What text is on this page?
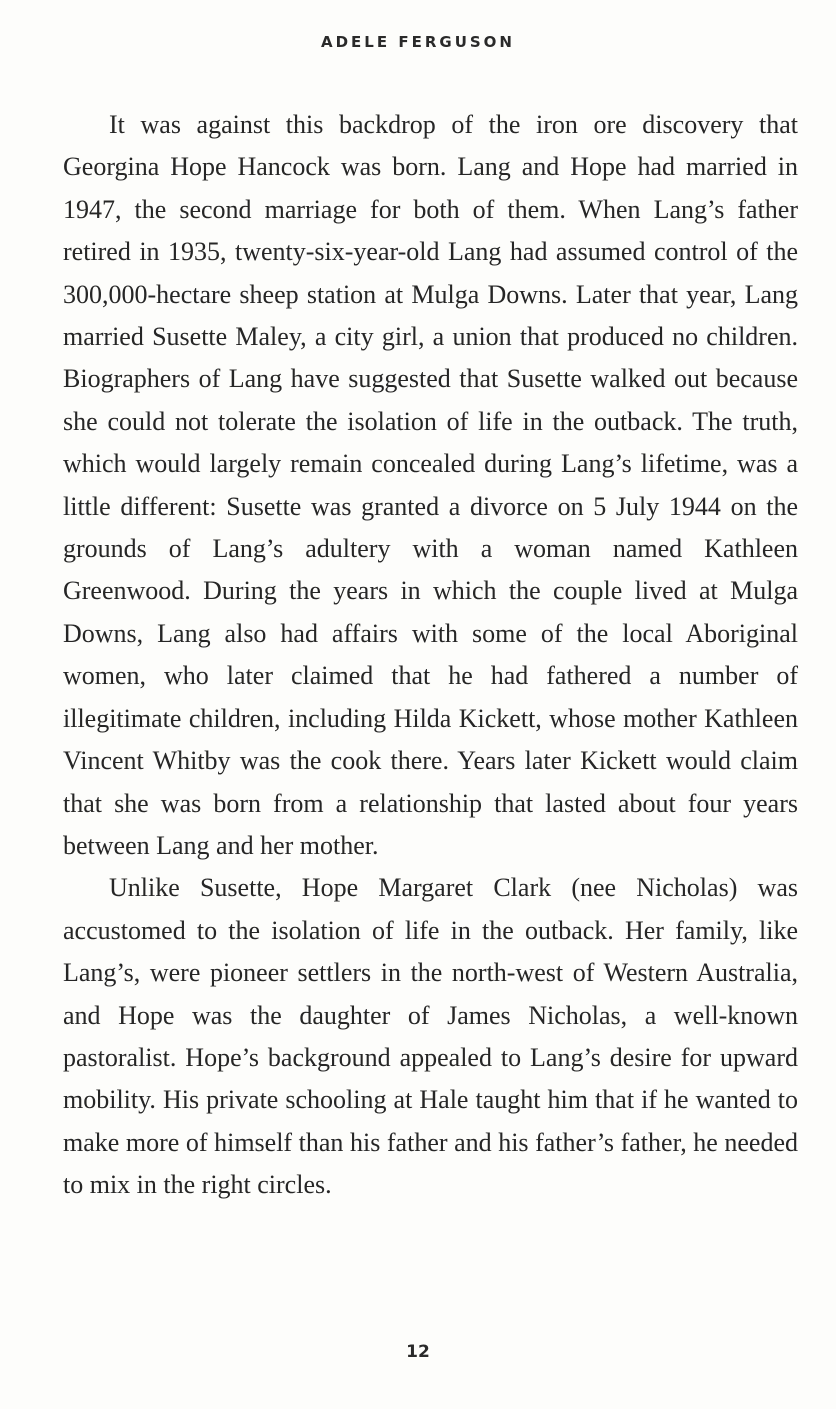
ADELE FERGUSON

It was against this backdrop of the iron ore discovery that Georgina Hope Hancock was born. Lang and Hope had married in 1947, the second marriage for both of them. When Lang’s father retired in 1935, twenty-six-year-old Lang had assumed control of the 300,000-hectare sheep station at Mulga Downs. Later that year, Lang married Susette Maley, a city girl, a union that produced no children. Biographers of Lang have suggested that Susette walked out because she could not tolerate the isolation of life in the outback. The truth, which would largely remain concealed during Lang’s lifetime, was a little different: Susette was granted a divorce on 5 July 1944 on the grounds of Lang’s adultery with a woman named Kathleen Greenwood. During the years in which the couple lived at Mulga Downs, Lang also had affairs with some of the local Aboriginal women, who later claimed that he had fathered a number of illegitimate children, including Hilda Kickett, whose mother Kathleen Vincent Whitby was the cook there. Years later Kickett would claim that she was born from a relationship that lasted about four years between Lang and her mother.

Unlike Susette, Hope Margaret Clark (nee Nicholas) was accustomed to the isolation of life in the outback. Her family, like Lang’s, were pioneer settlers in the north-west of Western Australia, and Hope was the daughter of James Nicholas, a well-known pastoralist. Hope’s background appealed to Lang’s desire for upward mobility. His private schooling at Hale taught him that if he wanted to make more of himself than his father and his father’s father, he needed to mix in the right circles.

12
